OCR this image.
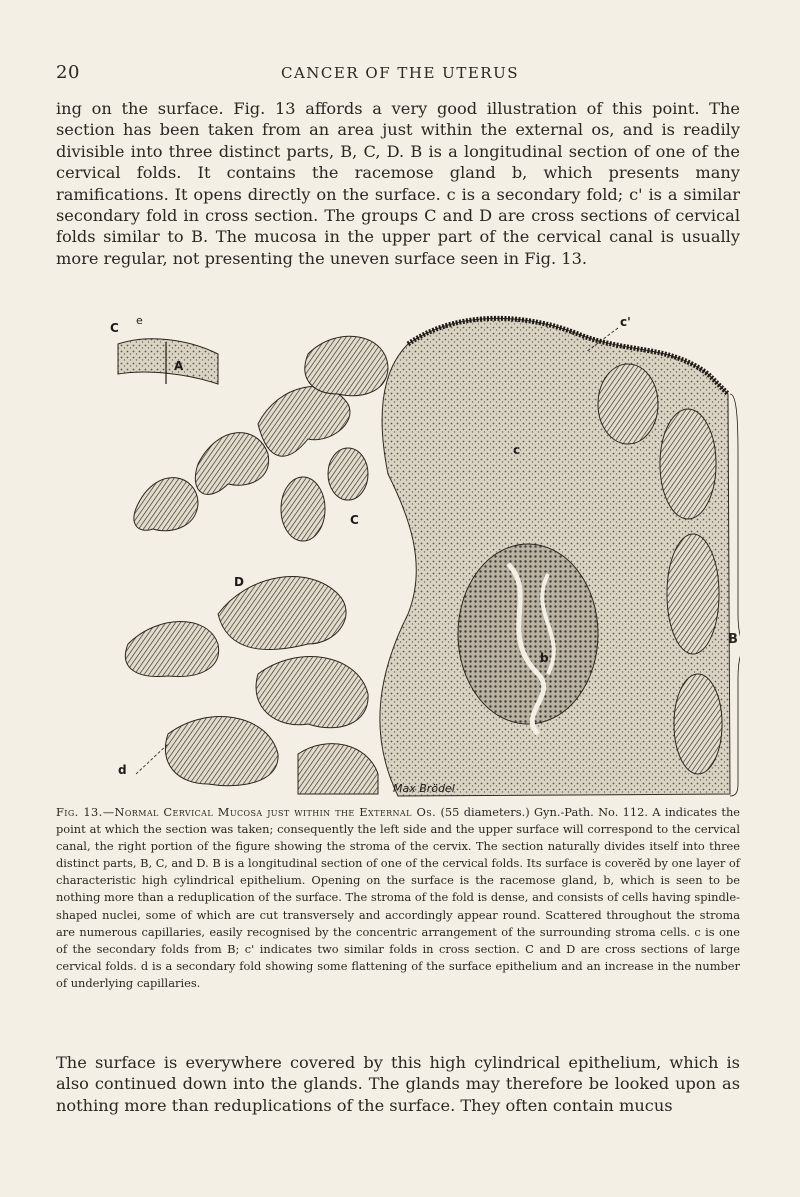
20	CANCER OF THE UTERUS

ing on the surface. Fig. 13 affords a very good illustration of this point. The section has been taken from an area just within the external os, and is readily divisible into three distinct parts, B, C, D. B is a longitudinal section of one of the cervical folds. It contains the racemose gland b, which presents many ramifications. It opens directly on the surface. c is a secondary fold; c' is a similar secondary fold in cross section. The groups C and D are cross sections of cervical folds similar to B. The mucosa in the upper part of the cervical canal is usually more regular, not presenting the uneven surface seen in Fig. 13.

C
e
A
c'
c
C
D
b
d
Max Brödel
B

Fig. 13.—Normal Cervical Mucosa just within the External Os. (55 diameters.) Gyn.-Path. No. 112. A indicates the point at which the section was taken; consequently the left side and the upper surface will correspond to the cervical canal, the right portion of the figure showing the stroma of the cervix. The section naturally divides itself into three distinct parts, B, C, and D. B is a longitudinal section of one of the cervical folds. Its surface is coverĕd by one layer of characteristic high cylindrical epithelium. Opening on the surface is the racemose gland, b, which is seen to be nothing more than a reduplication of the surface. The stroma of the fold is dense, and consists of cells having spindle-shaped nuclei, some of which are cut transversely and accordingly appear round. Scattered throughout the stroma are numerous capillaries, easily recognised by the concentric arrangement of the surrounding stroma cells. c is one of the secondary folds from B; c' indicates two similar folds in cross section. C and D are cross sections of large cervical folds. d is a secondary fold showing some flattening of the surface epithelium and an increase in the number of underlying capillaries.

The surface is everywhere covered by this high cylindrical epithelium, which is also continued down into the glands. The glands may therefore be looked upon as nothing more than reduplications of the surface. They often contain mucus
